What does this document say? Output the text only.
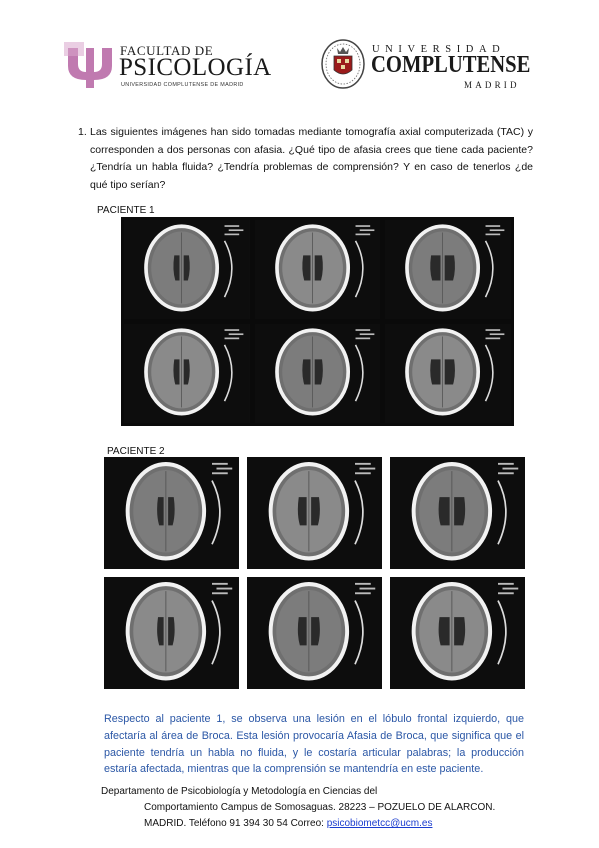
FACULTAD DE
PSICOLOGÍA
UNIVERSIDAD COMPLUTENSE DE MADRID
UNIVERSIDAD
COMPLUTENSE
MADRID
1. Las siguientes imágenes han sido tomadas mediante tomografía axial computerizada (TAC) y corresponden a dos personas con afasia. ¿Qué tipo de afasia crees que tiene cada paciente? ¿Tendría un habla fluida? ¿Tendría problemas de comprensión? Y en caso de tenerlos ¿de qué tipo serían?
PACIENTE 1
PACIENTE 2
Respecto al paciente 1, se observa una lesión en el lóbulo frontal izquierdo, que afectaría al área de Broca. Esta lesión provocaría Afasia de Broca, que significa que el paciente tendría un habla no fluida, y le costaría articular palabras; la producción estaría afectada, mientras que la comprensión se mantendría en este paciente.
Departamento de Psicobiología y Metodología en Ciencias del
Comportamiento Campus de Somosaguas. 28223 – POZUELO DE ALARCON.
MADRID. Teléfono 91 394 30 54 Correo: psicobiometcc@ucm.es
